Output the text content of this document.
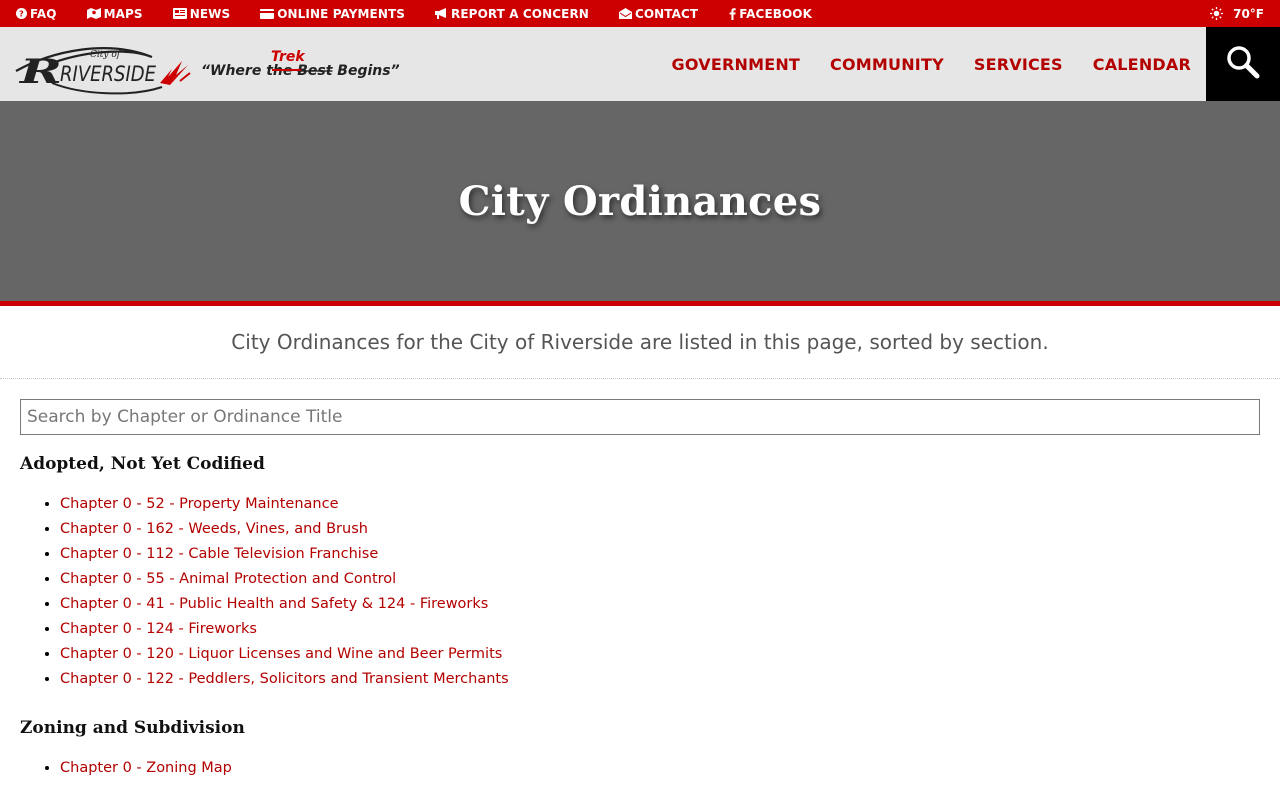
? FAQ	MAPS	NEWS	ONLINE PAYMENTS	REPORT A CONCERN	CONTACT	FACEBOOK	70°F
City of
R
RIVERSIDE	“Where the Best Begins”
Trek	GOVERNMENT COMMUNITY SERVICES CALENDAR
City Ordinances

City Ordinances for the City of Riverside are listed in this page, sorted by section.

Search by Chapter or Ordinance Title
Adopted, Not Yet Codified
• Chapter 0 - 52 - Property Maintenance
• Chapter 0 - 162 - Weeds, Vines, and Brush
• Chapter 0 - 112 - Cable Television Franchise
• Chapter 0 - 55 - Animal Protection and Control
• Chapter 0 - 41 - Public Health and Safety & 124 - Fireworks
• Chapter 0 - 124 - Fireworks
• Chapter 0 - 120 - Liquor Licenses and Wine and Beer Permits
• Chapter 0 - 122 - Peddlers, Solicitors and Transient Merchants
Zoning and Subdivision
• Chapter 0 - Zoning Map
